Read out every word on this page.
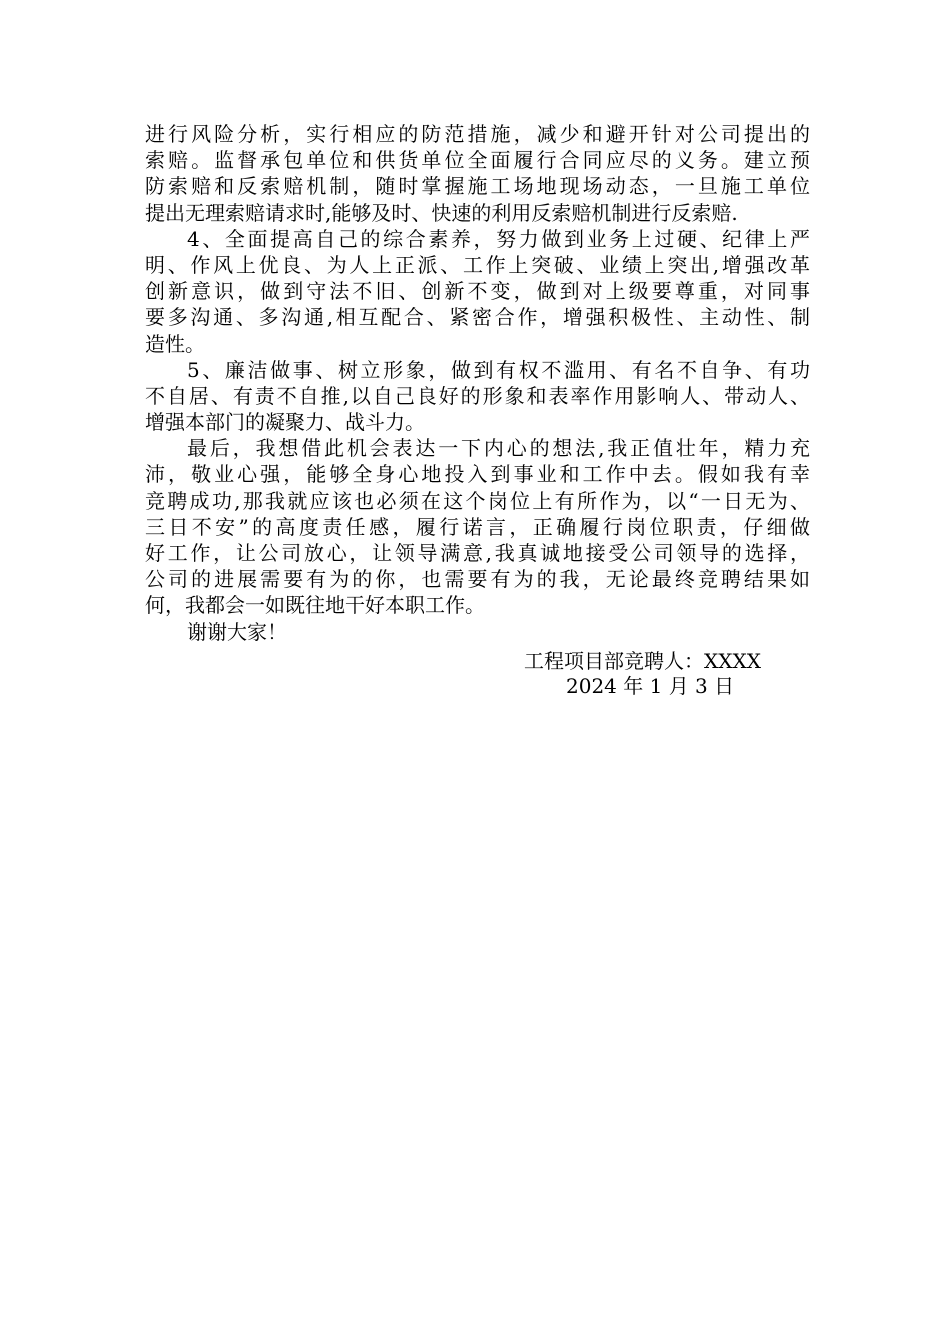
进行风险分析，实行相应的防范措施，减少和避开针对公司提出的
索赔。监督承包单位和供货单位全面履行合同应尽的义务。建立预
防索赔和反索赔机制，随时掌握施工场地现场动态，一旦施工单位
提出无理索赔请求时,能够及时、快速的利用反索赔机制进行反索赔.
4、全面提高自己的综合素养，努力做到业务上过硬、纪律上严
明、作风上优良、为人上正派、工作上突破、业绩上突出,增强改革
创新意识，做到守法不旧、创新不变，做到对上级要尊重，对同事
要多沟通、多沟通,相互配合、紧密合作，增强积极性、主动性、制
造性。
5、廉洁做事、树立形象，做到有权不滥用、有名不自争、有功
不自居、有责不自推,以自己良好的形象和表率作用影响人、带动人、
增强本部门的凝聚力、战斗力。
最后，我想借此机会表达一下内心的想法,我正值壮年，精力充
沛，敬业心强，能够全身心地投入到事业和工作中去。假如我有幸
竞聘成功,那我就应该也必须在这个岗位上有所作为，以“一日无为、
三日不安”的高度责任感，履行诺言，正确履行岗位职责，仔细做
好工作，让公司放心，让领导满意,我真诚地接受公司领导的选择，
公司的进展需要有为的你，也需要有为的我，无论最终竞聘结果如
何，我都会一如既往地干好本职工作。
谢谢大家！
工程项目部竞聘人：XXXX
2024 年 1 月 3 日
